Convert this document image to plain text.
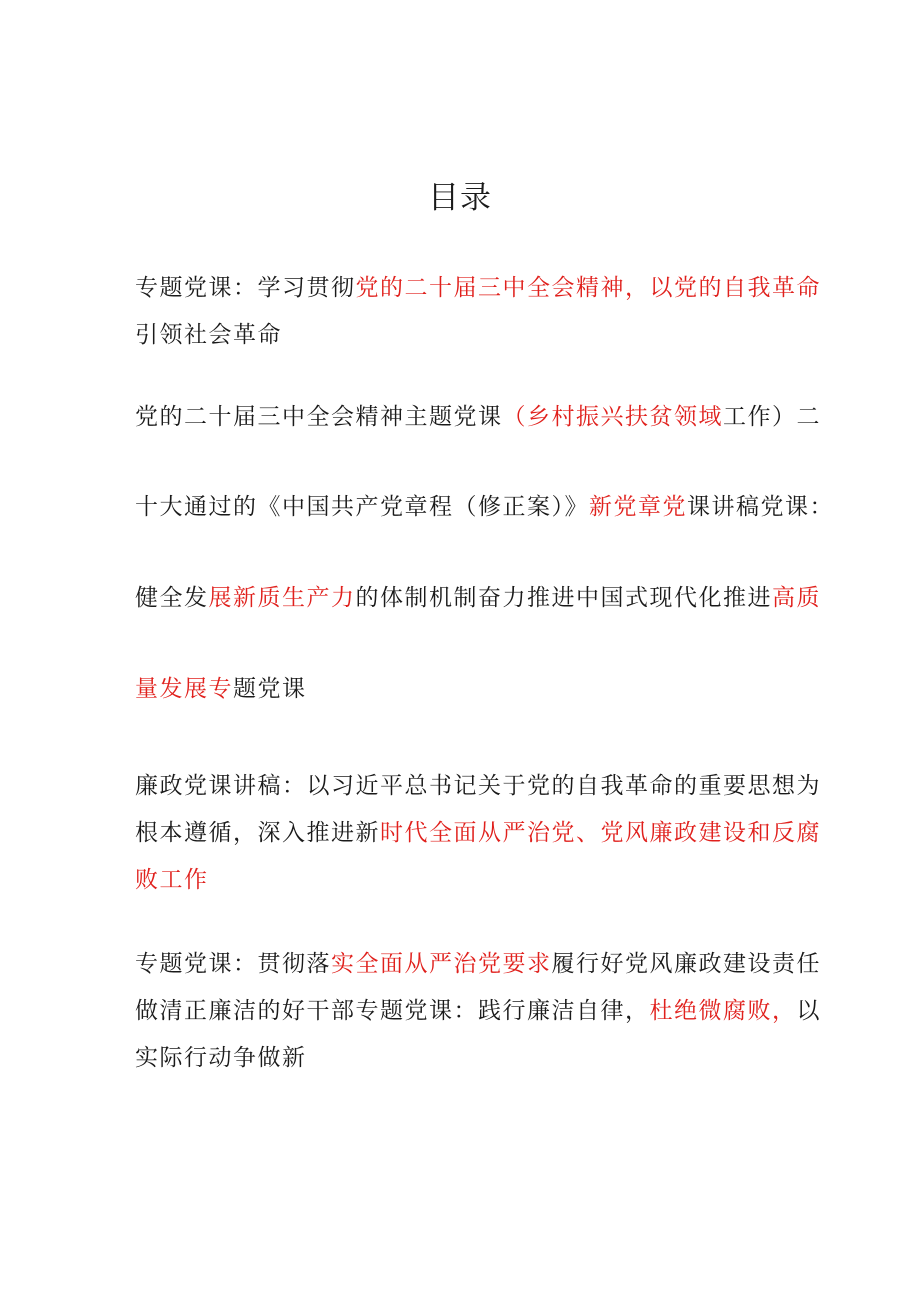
目录
专题党课：学习贯彻党的二十届三中全会精神，以党的自我革命
引领社会革命
党的二十届三中全会精神主题党课（乡村振兴扶贫领域工作）二
十大通过的《中国共产党章程（修正案）》新党章党课讲稿党课：
健全发展新质生产力的体制机制奋力推进中国式现代化推进高质
量发展专题党课
廉政党课讲稿：以习近平总书记关于党的自我革命的重要思想为
根本遵循，深入推进新时代全面从严治党、党风廉政建设和反腐
败工作
专题党课：贯彻落实全面从严治党要求履行好党风廉政建设责任
做清正廉洁的好干部专题党课：践行廉洁自律，杜绝微腐败，以
实际行动争做新
